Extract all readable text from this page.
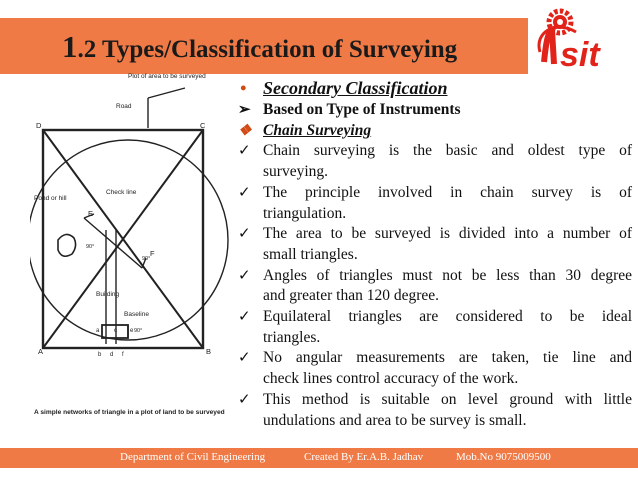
1.2 Types/Classification of Surveying	sit
Plot of area to be surveyed
Road
Pond or hill
Check line
Building
Baseline
90°
90°
90°
D	C
A	B
E
F
a
b
c
d
e
f
A simple networks of triangle in a plot of land to be surveyed
• Secondary Classification
➢ Based on Type of Instruments
❖ Chain Surveying
✓ Chain surveying is the basic and oldest type of
surveying.
✓ The principle involved in chain survey is of
triangulation.
✓ The area to be surveyed is divided into a number of
small triangles.
✓ Angles of triangles must not be less than 30 degree
and greater than 120 degree.
✓ Equilateral triangles are considered to be ideal
triangles.
✓ No angular measurements are taken, tie line and
check lines control accuracy of the work.
✓ This method is suitable on level ground with little
undulations and area to be survey is small.
Department of Civil Engineering	Created By Er.A.B. Jadhav	Mob.No 9075009500
